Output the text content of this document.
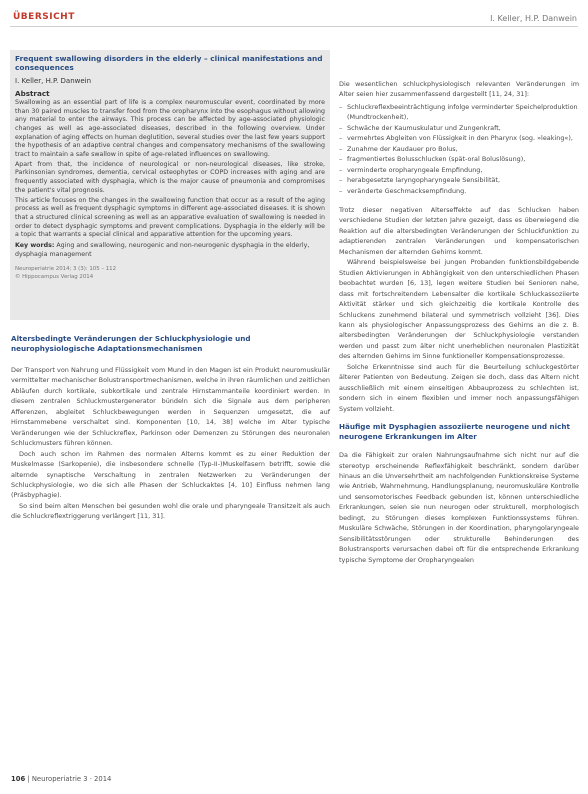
ÜBERSICHT	I. Keller, H.P. Danwein
Frequent swallowing disorders in the elderly – clinical manifestations and consequences
I. Keller, H.P. Danwein
Abstract

Swallowing as an essential part of life is a complex neuromuscular event, coordinated by more than 30 paired muscles to transfer food from the oropharynx into the esophagus without allowing any material to enter the airways. This process can be affected by age-associated physiologic changes as well as age-associated diseases, described in the following overview. Under explanation of aging effects on human deglutition, several studies over the last few years support the hypothesis of an adaptive central changes and compensatory mechanisms of the swallowing tract to maintain a safe swallow in spite of age-related influences on swallowing.

Apart from that, the incidence of neurological or non-neurological diseases, like stroke, Parkinsonian syndromes, dementia, cervical osteophytes or COPD increases with aging and are frequently associated with dysphagia, which is the major cause of pneumonia and compromises the patient's vital prognosis.

This article focuses on the changes in the swallowing function that occur as a result of the aging process as well as frequent dysphagic symptoms in different age-associated diseases. It is shown that a structured clinical screening as well as an apparative evaluation of swallowing is needed in order to detect dysphagic symptoms and prevent complications. Dysphagia in the elderly will be a topic that warrants a special clinical and apparative attention for the upcoming years.

Key words: Aging and swallowing, neurogenic and non-neurogenic dysphagia in the elderly, dysphagia management

Neuroperiatrie 2014; 3 (3): 105 – 112
© Hippocampus Verlag 2014
Altersbedingte Veränderungen der Schluckphysiologie und neurophysiologische Adaptationsmechanismen

Der Transport von Nahrung und Flüssigkeit vom Mund in den Magen ist ein Produkt neuromuskulär vermittelter mechanischer Bolustransportmechanismen, welche in ihren räumlichen und zeitlichen Abläufen durch kortikale, subkortikale und zentrale Hirnstammanteile koordiniert werden. In diesem zentralen Schluckmustergenerator bündeln sich die Signale aus dem peripheren Afferenzen, abgleitet Schluckbewegungen werden in Sequenzen umgesetzt, die auf Hirnstammebene verschaltet sind. Komponenten [10, 14, 38] welche im Alter typische Veränderungen wie der Schluckreflex, Parkinson oder Demenzen zu Störungen des neuronalen Schluckmusters führen können.

Doch auch schon im Rahmen des normalen Alterns kommt es zu einer Reduktion der Muskelmasse (Sarkopenie), die insbesondere schnelle (Typ-II-)Muskelfasern betrifft, sowie die alternde synaptische Verschaltung in zentralen Netzwerken zu Veränderungen der Schluckphysiologie, wo die sich alle Phasen der Schluckaktes [4, 10] Einfluss nehmen lang (Präsbyphagie).

So sind beim alten Menschen bei gesunden wohl die orale und pharyngeale Transitzeit als auch die Schluckreflextriggerung verlängert [11, 31].

Die wesentlichen schluckphysiologisch relevanten Veränderungen im Alter seien hier zusammenfassend dargestellt [11, 24, 31]:

– Schluckreflexbeeinträchtigung infolge verminderter Speichelproduktion (Mundtrockenheit),
– Schwäche der Kaumuskulatur und Zungenkraft,
– vermehrtes Abgleiten von Flüssigkeit in den Pharynx (sog. »leaking«),
– Zunahme der Kaudauer pro Bolus,
– fragmentiertes Bolusschlucken (spät-oral Boluslösung),
– verminderte oropharyngeale Empfindung,
– herabgesetzte laryngopharyngeale Sensibilität,
– veränderte Geschmacksempfindung.

Trotz dieser negativen Alterseffekte auf das Schlucken haben verschiedene Studien der letzten Jahre gezeigt, dass es überwiegend die Reaktion auf die altersbedingten Veränderungen der Schluckfunktion zu adaptierenden zentralen Veränderungen und kompensatorischen Mechanismen der alternden Gehirns kommt.

Während beispielsweise bei jungen Probanden funktionsbildgebende Studien Aktivierungen in Abhängigkeit von den unterschiedlichen Phasen beobachtet wurden [6, 13], legen weitere Studien bei Senioren nahe, dass mit fortschreitendem Lebensalter die kortikale Schluckassoziierte Aktivität stärker und sich gleichzeitig die kortikale Kontrolle des Schluckens zunehmend bilateral und symmetrisch vollzieht [36]. Dies kann als physiologischer Anpassungsprozess des Gehirns an die z. B. altersbedingten Veränderungen der Schluckphysiologie verstanden werden und passt zum älter nicht unerheblichen neuronalen Plastizität des alternden Gehirns im Sinne funktioneller Kompensationsprozesse.

Solche Erkenntnisse sind auch für die Beurteilung schluckgestörter älterer Patienten von Bedeutung. Zeigen sie doch, dass das Altern nicht ausschließlich mit einem einseitigen Abbauprozess zu schlechten ist, sondern sich in einem flexiblen und immer noch anpassungsfähigen System vollzieht.

Häufige mit Dysphagien assoziierte neurogene und nicht neurogene Erkrankungen im Alter

Da die Fähigkeit zur oralen Nahrungsaufnahme sich nicht nur auf die stereotyp erscheinende Reflexfähigkeit beschränkt, sondern darüber hinaus an die Unversehrtheit am nachfolgenden Funktionskreise Systeme wie Antrieb, Wahrnehmung, Handlungsplanung, neuromuskuläre Kontrolle und sensomotorisches Feedback gebunden ist, können unterschiedliche Erkrankungen, seien sie nun neurogen oder strukturell, morphologisch bedingt, zu Störungen dieses komplexen Funktionssystems führen. Muskuläre Schwäche, Störungen in der Koordination, pharyngolaryngeale Sensibilitätsstörungen oder strukturelle Behinderungen des Bolustransports verursachen dabei oft für die entsprechende Erkrankung typische Symptome der Oropharyngealen

106 | Neuroperiatrie 3 · 2014
